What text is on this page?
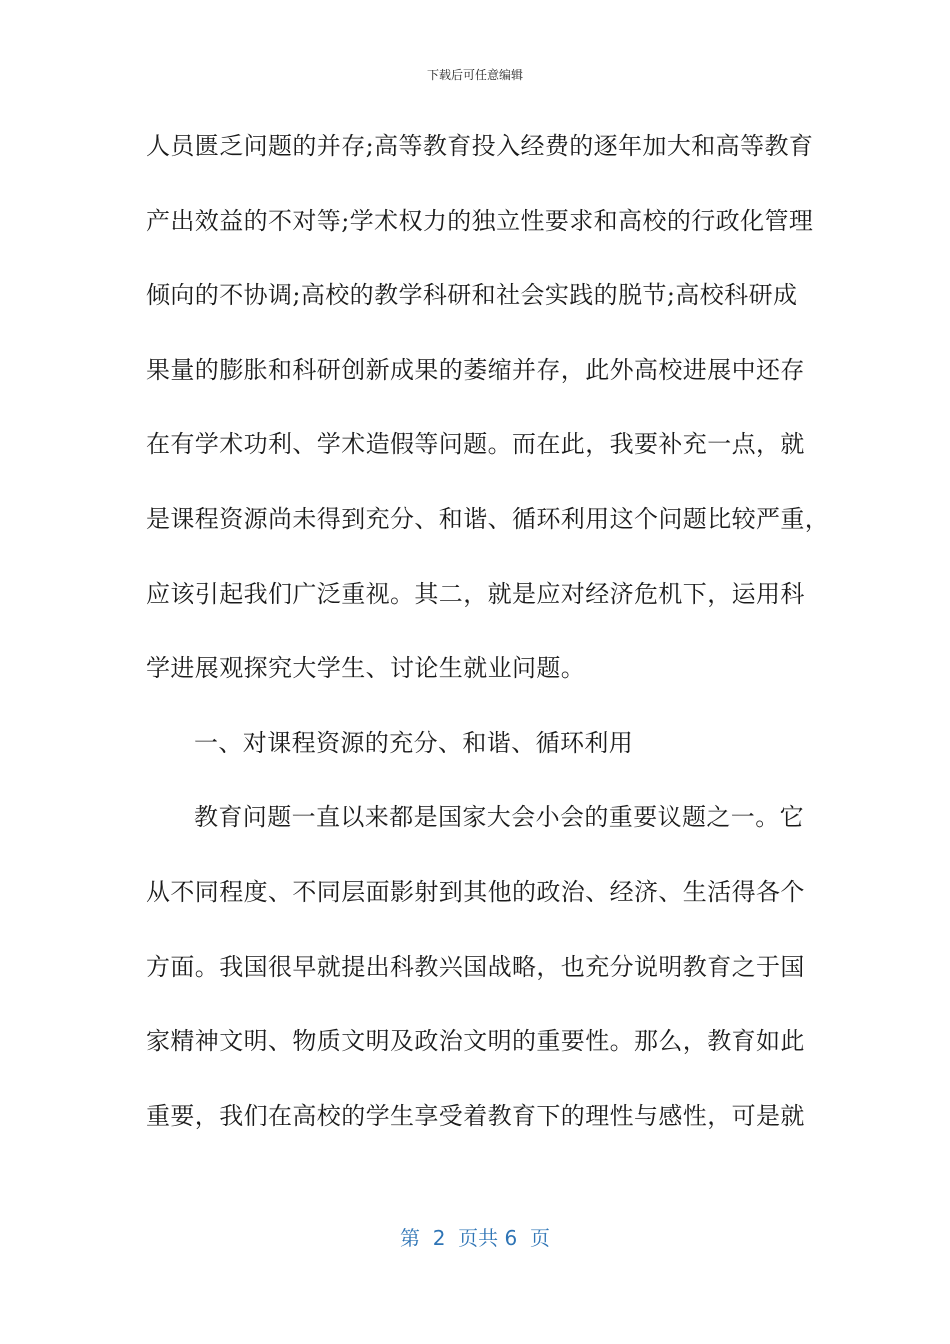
下载后可任意编辑
人员匮乏问题的并存;高等教育投入经费的逐年加大和高等教育
产出效益的不对等;学术权力的独立性要求和高校的行政化管理
倾向的不协调;高校的教学科研和社会实践的脱节;高校科研成
果量的膨胀和科研创新成果的萎缩并存，此外高校进展中还存
在有学术功利、学术造假等问题。而在此，我要补充一点，就
是课程资源尚未得到充分、和谐、循环利用这个问题比较严重，
应该引起我们广泛重视。其二，就是应对经济危机下，运用科
学进展观探究大学生、讨论生就业问题。
一、对课程资源的充分、和谐、循环利用
教育问题一直以来都是国家大会小会的重要议题之一。它
从不同程度、不同层面影射到其他的政治、经济、生活得各个
方面。我国很早就提出科教兴国战略，也充分说明教育之于国
家精神文明、物质文明及政治文明的重要性。那么，教育如此
重要，我们在高校的学生享受着教育下的理性与感性，可是就
第  2  页共 6  页
